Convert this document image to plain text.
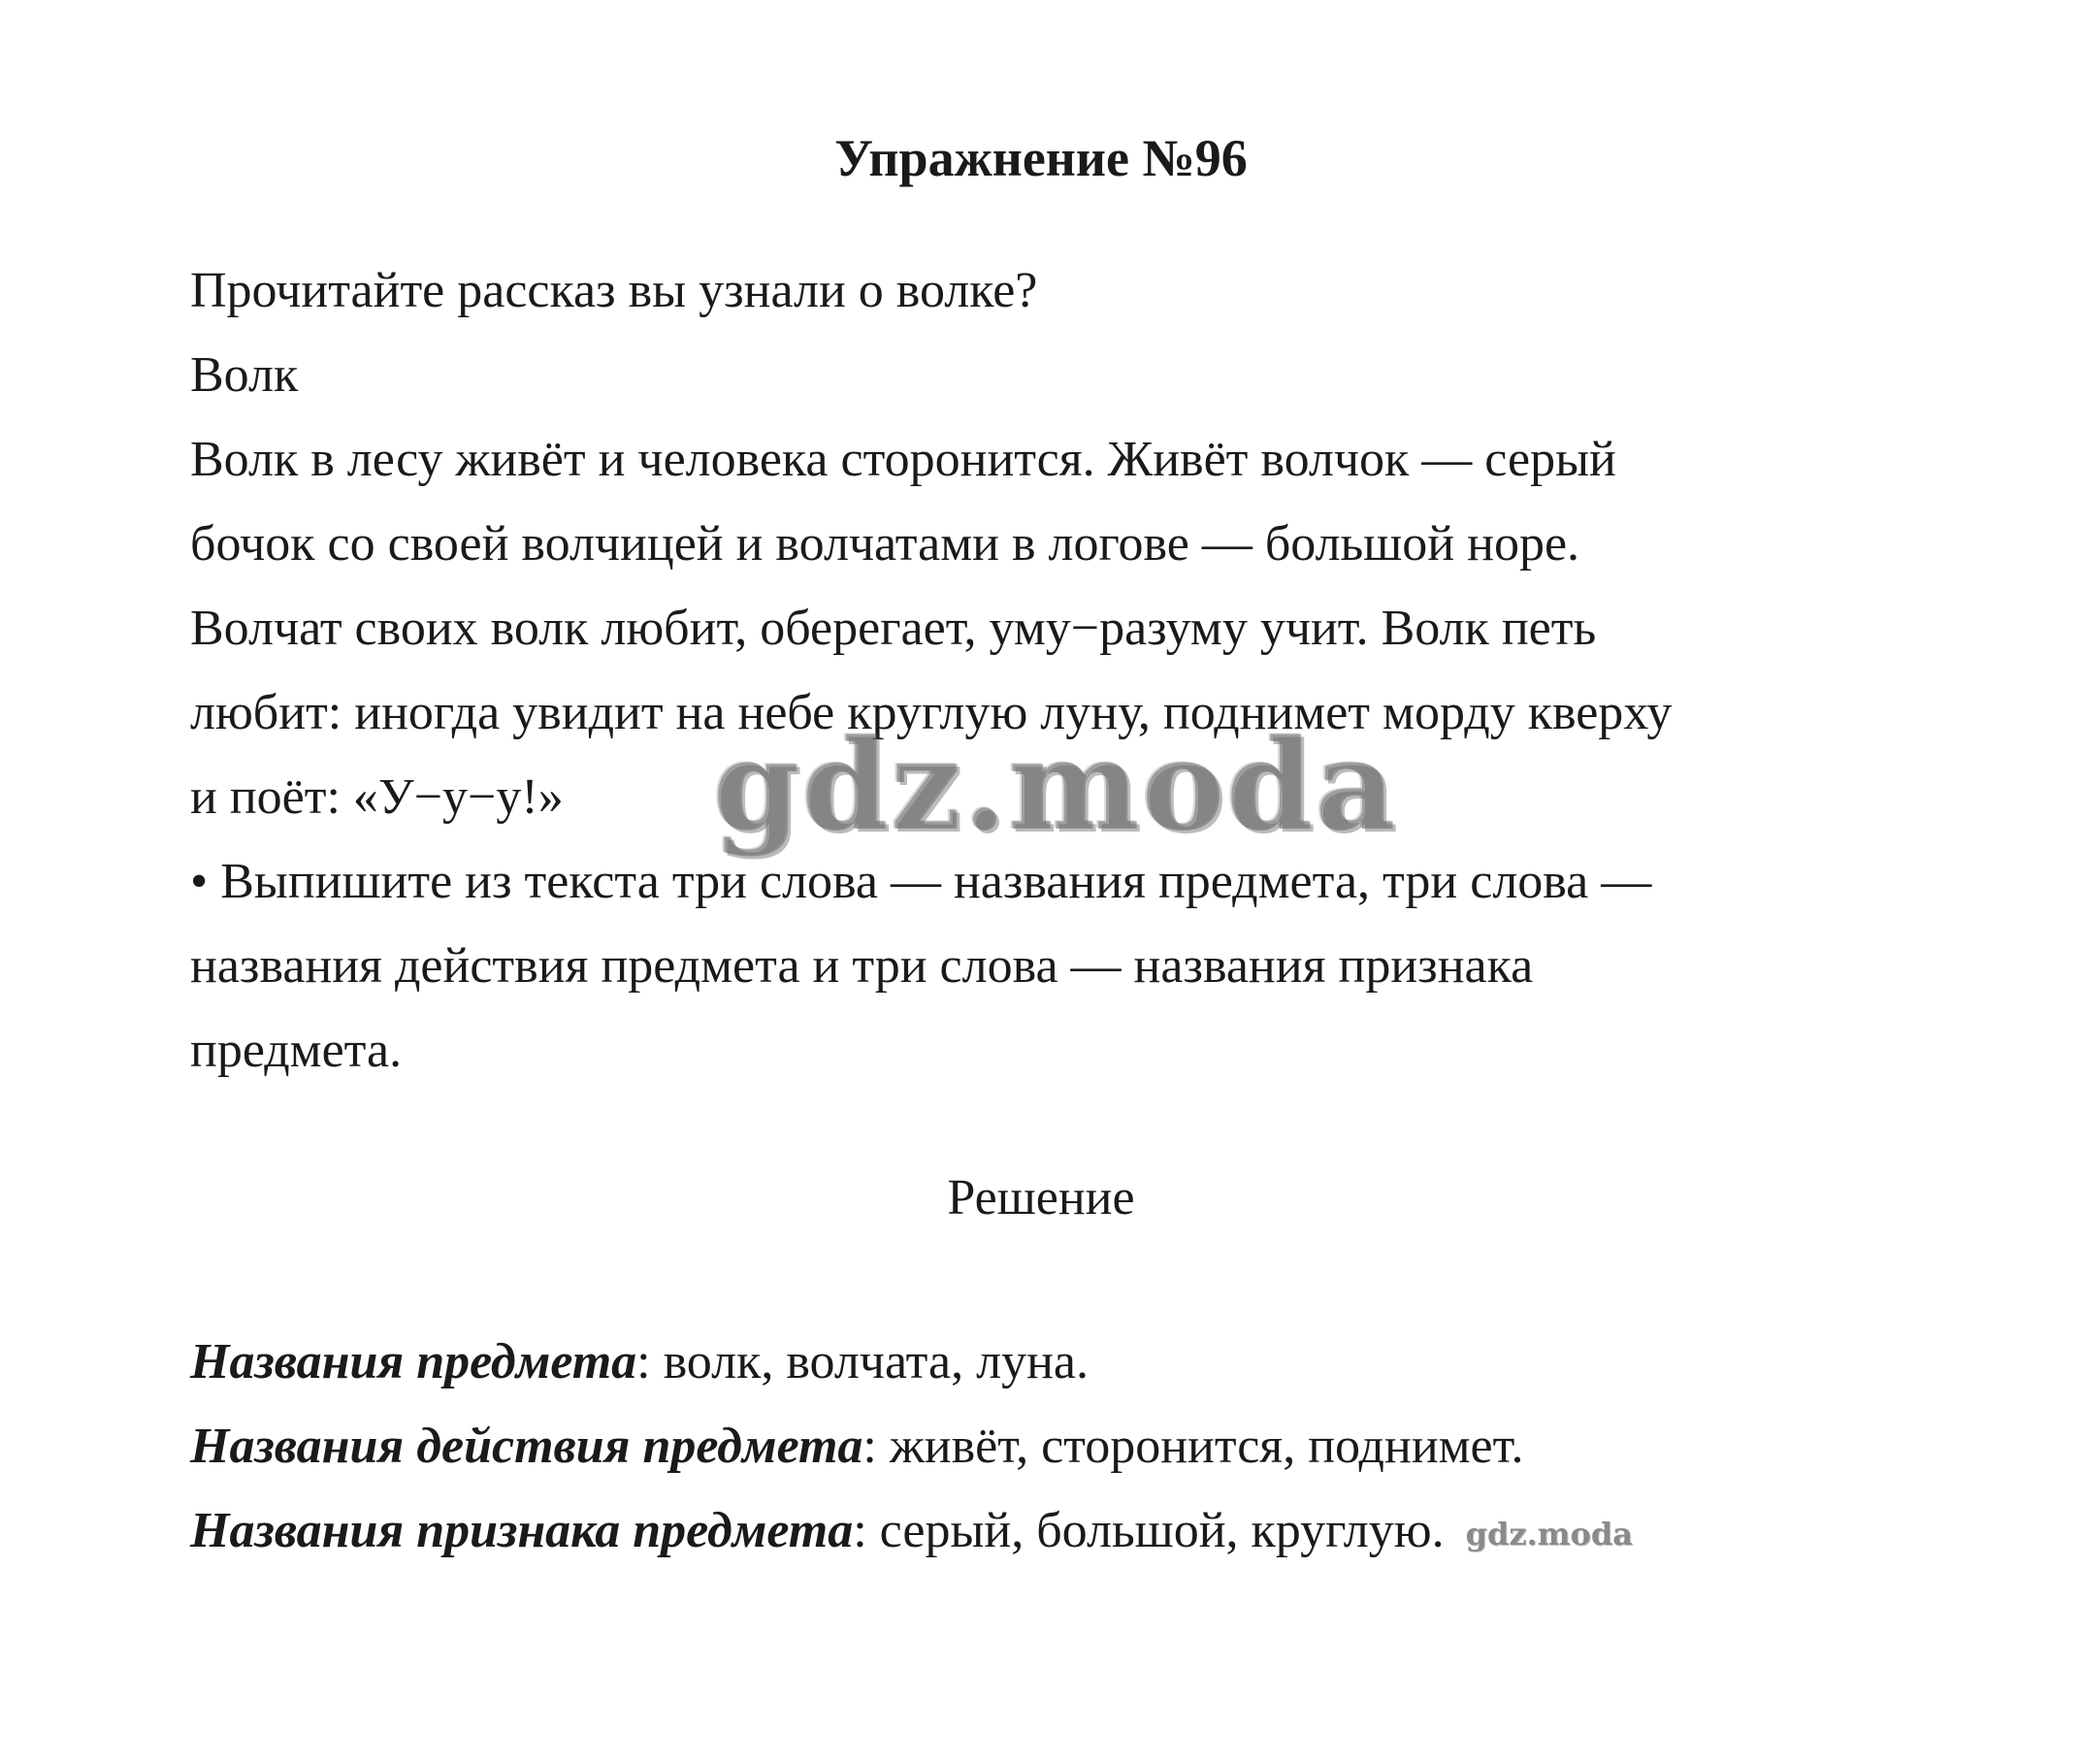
Упражнение №96
Прочитайте рассказ вы узнали о волке?
Волк
Волк в лесу живёт и человека сторонится. Живёт волчок — серый
бочок со своей волчицей и волчатами в логове — большой норе.
Волчат своих волк любит, оберегает, уму−разуму учит. Волк петь
любит: иногда увидит на небе круглую луну, поднимет морду кверху
и поёт: «У−у−у!»
• Выпишите из текста три слова — названия предмета, три слова —
названия действия предмета и три слова — названия признака
предмета.
gdz.moda
Решение
Названия предмета: волк, волчата, луна.
Названия действия предмета: живёт, сторонится, поднимет.
Названия признака предмета: серый, большой, круглую. gdz.moda
